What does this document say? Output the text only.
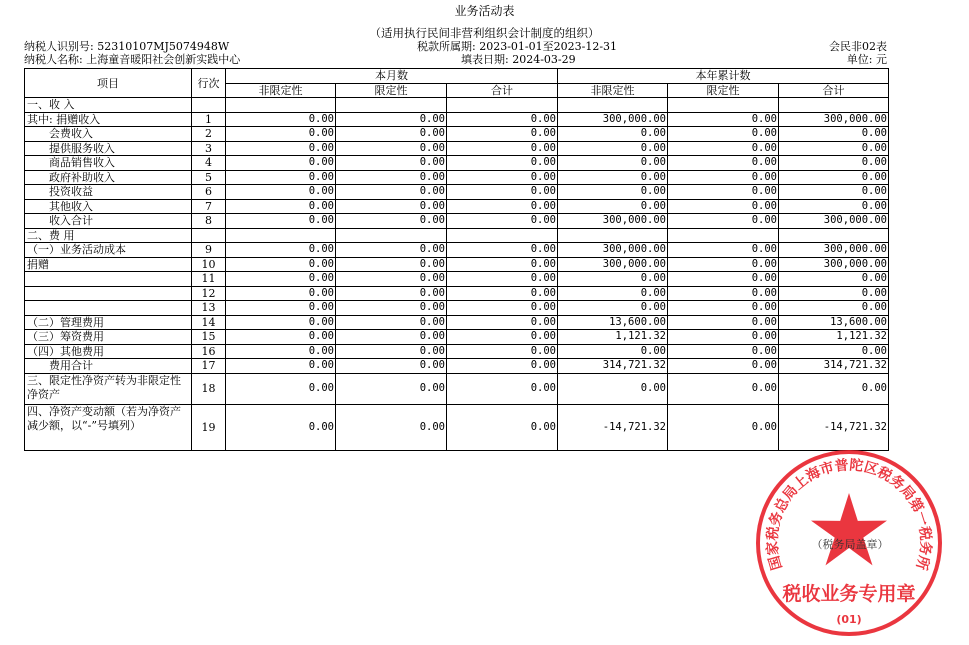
业务活动表
（适用执行民间非营利组织会计制度的组织）
纳税人识别号: 52310107MJ5074948W
纳税人名称: 上海童音暖阳社会创新实践中心
税款所属期: 2023-01-01至2023-12-31
填表日期: 2024-03-29
会民非02表
单位: 元
项目	行次	本月数			本年累计数		
		非限定性	限定性	合计	非限定性	限定性	合计
一、收 入							
其中: 捐赠收入	1	0.00	0.00	0.00	300,000.00	0.00	300,000.00
　　会费收入	2	0.00	0.00	0.00	0.00	0.00	0.00
　　提供服务收入	3	0.00	0.00	0.00	0.00	0.00	0.00
　　商品销售收入	4	0.00	0.00	0.00	0.00	0.00	0.00
　　政府补助收入	5	0.00	0.00	0.00	0.00	0.00	0.00
　　投资收益	6	0.00	0.00	0.00	0.00	0.00	0.00
　　其他收入	7	0.00	0.00	0.00	0.00	0.00	0.00
　　收入合计	8	0.00	0.00	0.00	300,000.00	0.00	300,000.00
二、费 用							
（一）业务活动成本	9	0.00	0.00	0.00	300,000.00	0.00	300,000.00
捐赠	10	0.00	0.00	0.00	300,000.00	0.00	300,000.00
	11	0.00	0.00	0.00	0.00	0.00	0.00
	12	0.00	0.00	0.00	0.00	0.00	0.00
	13	0.00	0.00	0.00	0.00	0.00	0.00
（二）管理费用	14	0.00	0.00	0.00	13,600.00	0.00	13,600.00
（三）筹资费用	15	0.00	0.00	0.00	1,121.32	0.00	1,121.32
（四）其他费用	16	0.00	0.00	0.00	0.00	0.00	0.00
　　费用合计	17	0.00	0.00	0.00	314,721.32	0.00	314,721.32
三、限定性净资产转为非限定性净资产	18	0.00	0.00	0.00	0.00	0.00	0.00
四、净资产变动额（若为净资产减少额，以“-”号填列）	19	0.00	0.00	0.00	-14,721.32	0.00	-14,721.32
国家税务总局上海市普陀区税务局第一税务所
（税务局盖章）
税收业务专用章
(01)
